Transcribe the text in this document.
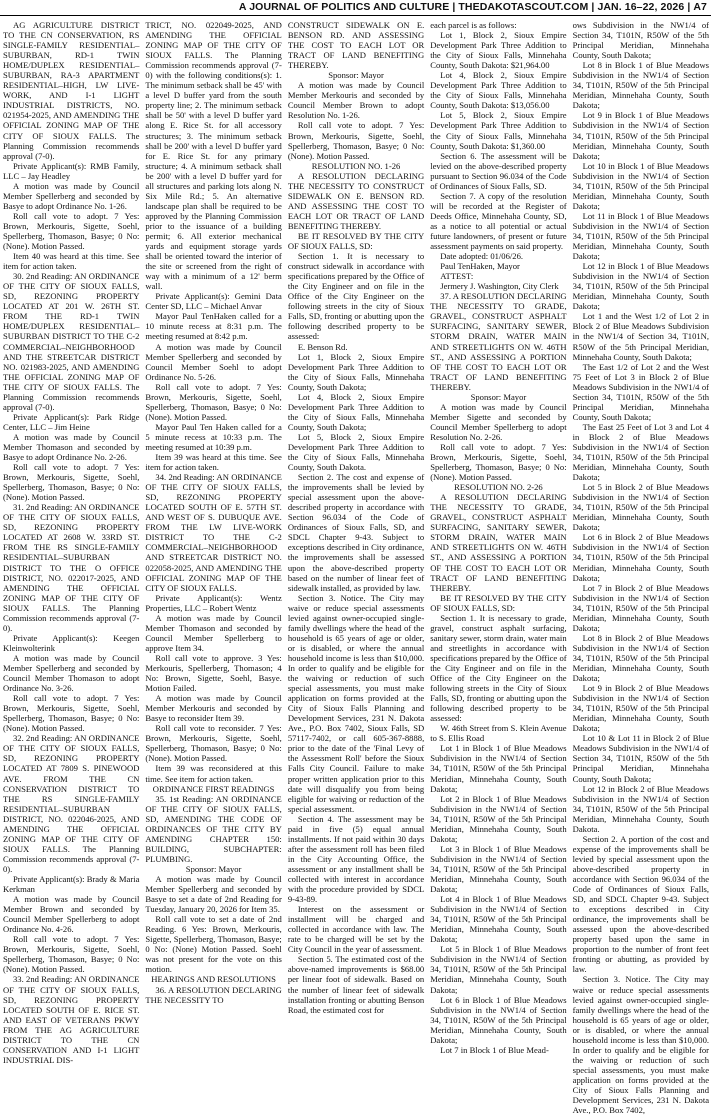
A JOURNAL OF POLITICS AND CULTURE | THEDAKOTASCOUT.COM | JAN. 16–22, 2026 | A7

AG AGRICULTURE DISTRICT TO THE CN CONSERVATION, RS SINGLE-FAMILY RESIDENTIAL–SUBURBAN, RD-1 TWIN HOME/DUPLEX RESIDENTIAL–SUBURBAN, RA-3 APARTMENT RESIDENTIAL–HIGH, LW LIVE-WORK, AND I-1 LIGHT INDUSTRIAL DISTRICTS, NO. 021954-2025, AND AMENDING THE OFFICIAL ZONING MAP OF THE CITY OF SIOUX FALLS. The Planning Commission recommends approval (7-0).

Private Applicant(s): RMB Family, LLC – Jay Headley

A motion was made by Council Member Spellerberg and seconded by Basye to adopt Ordinance No. 1-26.

Roll call vote to adopt. 7 Yes: Brown, Merkouris, Sigette, Soehl, Spellerberg, Thomason, Basye; 0 No: (None). Motion Passed.

Item 40 was heard at this time. See item for action taken.

30. 2nd Reading: AN ORDINANCE OF THE CITY OF SIOUX FALLS, SD, REZONING PROPERTY LOCATED AT 201 W. 26TH ST. FROM THE RD-1 TWIN HOME/DUPLEX RESIDENTIAL–SUBURBAN DISTRICT TO THE C-2 COMMERCIAL–NEIGHBORHOOD AND THE STREETCAR DISTRICT NO. 021983-2025, AND AMENDING THE OFFICIAL ZONING MAP OF THE CITY OF SIOUX FALLS. The Planning Commission recommends approval (7-0).

Private Applicant(s): Park Ridge Center, LLC – Jim Heine

A motion was made by Council Member Thomason and seconded by Basye to adopt Ordinance No. 2-26.

Roll call vote to adopt. 7 Yes: Brown, Merkouris, Sigette, Soehl, Spellerberg, Thomason, Basye; 0 No: (None). Motion Passed.

31. 2nd Reading: AN ORDINANCE OF THE CITY OF SIOUX FALLS, SD, REZONING PROPERTY LOCATED AT 2608 W. 33RD ST. FROM THE RS SINGLE-FAMILY RESIDENTIAL–SUBURBAN DISTRICT TO THE O OFFICE DISTRICT, NO. 022017-2025, AND AMENDING THE OFFICIAL ZONING MAP OF THE CITY OF SIOUX FALLS. The Planning Commission recommends approval (7-0).

Private Applicant(s): Keegen Kleinwolterink

A motion was made by Council Member Spellerberg and seconded by Council Member Thomason to adopt Ordinance No. 3-26.

Roll call vote to adopt. 7 Yes: Brown, Merkouris, Sigette, Soehl, Spellerberg, Thomason, Basye; 0 No: (None). Motion Passed.

32. 2nd Reading: AN ORDINANCE OF THE CITY OF SIOUX FALLS, SD, REZONING PROPERTY LOCATED AT 7809 S. PINEWOOD AVE. FROM THE CN CONSERVATION DISTRICT TO THE RS SINGLE-FAMILY RESIDENTIAL–SUBURBAN DISTRICT, NO. 022046-2025, AND AMENDING THE OFFICIAL ZONING MAP OF THE CITY OF SIOUX FALLS. The Planning Commission recommends approval (7-0).

Private Applicant(s): Brady & Maria Kerkman

A motion was made by Council Member Brown and seconded by Council Member Spellerberg to adopt Ordinance No. 4-26.

Roll call vote to adopt. 7 Yes: Brown, Merkouris, Sigette, Soehl, Spellerberg, Thomason, Basye; 0 No: (None). Motion Passed.

33. 2nd Reading: AN ORDINANCE OF THE CITY OF SIOUX FALLS, SD, REZONING PROPERTY LOCATED SOUTH OF E. RICE ST. AND EAST OF VETERANS PKWY FROM THE AG AGRICULTURE DISTRICT TO THE CN CONSERVATION AND I-1 LIGHT INDUSTRIAL DIS-

TRICT, NO. 022049-2025, AND AMENDING THE OFFICIAL ZONING MAP OF THE CITY OF SIOUX FALLS. The Planning Commission recommends approval (7-0) with the following conditions(s): 1. The minimum setback shall be 45' with a level D buffer yard from the south property line; 2. The minimum setback shall be 50' with a level D buffer yard along E. Rice St. for all accessory structures; 3. The minimum setback shall be 200' with a level D buffer yard for E. Rice St. for any primary structure; 4. A minimum setback shall be 200' with a level D buffer yard for all structures and parking lots along N. Six Mile Rd.; 5. An alternative landscape plan shall be required to be approved by the Planning Commission prior to the issuance of a building permit; 6. All exterior mechanical yards and equipment storage yards shall be oriented toward the interior of the site or screened from the right of way with a minimum of a 12' berm wall.

Private Applicant(s): Gemini Data Center SD, LLC – Michael Anvar

Mayor Paul TenHaken called for a 10 minute recess at 8:31 p.m. The meeting resumed at 8:42 p.m.

A motion was made by Council Member Spellerberg and seconded by Council Member Soehl to adopt Ordinance No. 5-26.

Roll call vote to adopt. 7 Yes: Brown, Merkouris, Sigette, Soehl, Spellerberg, Thomason, Basye; 0 No: (None). Motion Passed.

Mayor Paul Ten Haken called for a 5 minute recess at 10:33 p.m. The meeting resumed at 10:39 p.m.

Item 39 was heard at this time. See item for action taken.

34. 2nd Reading: AN ORDINANCE OF THE CITY OF SIOUX FALLS, SD, REZONING PROPERTY LOCATED SOUTH OF E. 57TH ST. AND WEST OF S. DUBUQUE AVE. FROM THE LW LIVE-WORK DISTRICT TO THE C-2 COMMERCIAL–NEIGHBORHOOD AND STREETCAR DISTRICT NO. 022058-2025, AND AMENDING THE OFFICIAL ZONING MAP OF THE CITY OF SIOUX FALLS.

Private Applicant(s): Wentz Properties, LLC – Robert Wentz

A motion was made by Council Member Thomason and seconded by Council Member Spellerberg to approve Item 34.

Roll call vote to approve. 3 Yes: Merkouris, Spellerberg, Thomason; 4 No: Brown, Sigette, Soehl, Basye. Motion Failed.

A motion was made by Council Member Merkouris and seconded by Basye to reconsider Item 39.

Roll call vote to reconsider. 7 Yes: Brown, Merkouris, Sigette, Soehl, Spellerberg, Thomason, Basye; 0 No: (None). Motion Passed.

Item 39 was reconsidered at this time. See item for action taken.

ORDINANCE FIRST READINGS

35. 1st Reading: AN ORDINANCE OF THE CITY OF SIOUX FALLS, SD, AMENDING THE CODE OF ORDINANCES OF THE CITY BY AMENDING CHAPTER 150: BUILDING, SUBCHAPTER: PLUMBING.

Sponsor: Mayor

A motion was made by Council Member Spellerberg and seconded by Basye to set a date of 2nd Reading for Tuesday, January 20, 2026 for Item 35.

Roll call vote to set a date of 2nd Reading. 6 Yes: Brown, Merkouris, Sigette, Spellerberg, Thomason, Basye; 0 No: (None) Motion Passed. Soehl was not present for the vote on this motion.

HEARINGS AND RESOLUTIONS

36. A RESOLUTION DECLARING THE NECESSITY TO

CONSTRUCT SIDEWALK ON E. BENSON RD. AND ASSESSING THE COST TO EACH LOT OR TRACT OF LAND BENEFITING THEREBY.

Sponsor: Mayor

A motion was made by Council Member Merkouris and seconded by Council Member Brown to adopt Resolution No. 1-26.

Roll call vote to adopt. 7 Yes: Brown, Merkouris, Sigette, Soehl, Spellerberg, Thomason, Basye; 0 No: (None). Motion Passed.

RESOLUTION NO. 1-26

A RESOLUTION DECLARING THE NECESSITY TO CONSTRUCT SIDEWALK ON E. BENSON RD. AND ASSESSING THE COST TO EACH LOT OR TRACT OF LAND BENEFITING THEREBY.

BE IT RESOLVED BY THE CITY OF SIOUX FALLS, SD:

Section 1. It is necessary to construct sidewalk in accordance with specifications prepared by the Office of the City Engineer and on file in the Office of the City Engineer on the following streets in the city of Sioux Falls, SD, fronting or abutting upon the following described property to be assessed:

E. Benson Rd.

Lot 1, Block 2, Sioux Empire Development Park Three Addition to the City of Sioux Falls, Minnehaha County, South Dakota;

Lot 4, Block 2, Sioux Empire Development Park Three Addition to the City of Sioux Falls, Minnehaha County, South Dakota;

Lot 5, Block 2, Sioux Empire Development Park Three Addition to the City of Sioux Falls, Minnehaha County, South Dakota.

Section 2. The cost and expense of the improvements shall be levied by special assessment upon the above-described property in accordance with Section 96.034 of the Code of Ordinances of Sioux Falls, SD, and SDCL Chapter 9-43. Subject to exceptions described in City ordinance, the improvements shall be assessed upon the above-described property based on the number of linear feet of sidewalk installed, as provided by law.

Section 3. Notice. The City may waive or reduce special assessments levied against owner-occupied single-family dwellings where the head of the household is 65 years of age or older, or is disabled, or where the annual household income is less than $10,000. In order to qualify and be eligible for the waiving or reduction of such special assessments, you must make application on forms provided at the City of Sioux Falls Planning and Development Services, 231 N. Dakota Ave., P.O. Box 7402, Sioux Falls, SD 57117-7402, or call 605-367-8888, prior to the date of the 'Final Levy of the Assessment Roll' before the Sioux Falls City Council. Failure to make proper written application prior to this date will disqualify you from being eligible for waiving or reduction of the special assessment.

Section 4. The assessment may be paid in five (5) equal annual installments. If not paid within 30 days after the assessment roll has been filed in the City Accounting Office, the assessment or any installment shall be collected with interest in accordance with the procedure provided by SDCL 9-43-89.

Interest on the assessment or installment will be charged and collected in accordance with law. The rate to be charged will be set by the City Council in the year of assessment.

Section 5. The estimated cost of the above-named improvements is $68.00 per linear foot of sidewalk. Based on the number of linear feet of sidewalk installation fronting or abutting Benson Road, the estimated cost for

each parcel is as follows:

Lot 1, Block 2, Sioux Empire Development Park Three Addition to the City of Sioux Falls, Minnehaha County, South Dakota: $21,964.00

Lot 4, Block 2, Sioux Empire Development Park Three Addition to the City of Sioux Falls, Minnehaha County, South Dakota: $13,056.00

Lot 5, Block 2, Sioux Empire Development Park Three Addition to the City of Sioux Falls, Minnehaha County, South Dakota: $1,360.00

Section 6. The assessment will be levied on the above-described property pursuant to Section 96.034 of the Code of Ordinances of Sioux Falls, SD.

Section 7. A copy of the resolution will be recorded at the Register of Deeds Office, Minnehaha County, SD, as a notice to all potential or actual future landowners, of present or future assessment payments on said property.

Date adopted: 01/06/26.

Paul TenHaken, Mayor

ATTEST:

Jermery J. Washington, City Clerk

37. A RESOLUTION DECLARING THE NECESSITY TO GRADE, GRAVEL, CONSTRUCT ASPHALT SURFACING, SANITARY SEWER, STORM DRAIN, WATER MAIN AND STREETLIGHTS ON W. 46TH ST., AND ASSESSING A PORTION OF THE COST TO EACH LOT OR TRACT OF LAND BENEFITING THEREBY.

Sponsor: Mayor

A motion was made by Council Member Sigette and seconded by Council Member Spellerberg to adopt Resolution No. 2-26.

Roll call vote to adopt. 7 Yes: Brown, Merkouris, Sigette, Soehl, Spellerberg, Thomason, Basye; 0 No: (None). Motion Passed.

RESOLUTION NO. 2-26

A RESOLUTION DECLARING THE NECESSITY TO GRADE, GRAVEL, CONSTRUCT ASPHALT SURFACING, SANITARY SEWER, STORM DRAIN, WATER MAIN AND STREETLIGHTS ON W. 46TH ST., AND ASSESSING A PORTION OF THE COST TO EACH LOT OR TRACT OF LAND BENEFITING THEREBY.

BE IT RESOLVED BY THE CITY OF SIOUX FALLS, SD:

Section 1. It is necessary to grade, gravel, construct asphalt surfacing, sanitary sewer, storm drain, water main and streetlights in accordance with specifications prepared by the Office of the City Engineer and on file in the Office of the City Engineer on the following streets in the City of Sioux Falls, SD, fronting or abutting upon the following described property to be assessed:

W. 46th Street from S. Klein Avenue to S. Ellis Road

Lot 1 in Block 1 of Blue Meadows Subdivision in the NW1/4 of Section 34, T101N, R50W of the 5th Principal Meridian, Minnehaha County, South Dakota;

Lot 2 in Block 1 of Blue Meadows Subdivision in the NW1/4 of Section 34, T101N, R50W of the 5th Principal Meridian, Minnehaha County, South Dakota;

Lot 3 in Block 1 of Blue Meadows Subdivision in the NW1/4 of Section 34, T101N, R50W of the 5th Principal Meridian, Minnehaha County, South Dakota;

Lot 4 in Block 1 of Blue Meadows Subdivision in the NW1/4 of Section 34, T101N, R50W of the 5th Principal Meridian, Minnehaha County, South Dakota;

Lot 5 in Block 1 of Blue Meadows Subdivision in the NW1/4 of Section 34, T101N, R50W of the 5th Principal Meridian, Minnehaha County, South Dakota;

Lot 6 in Block 1 of Blue Meadows Subdivision in the NW1/4 of Section 34, T101N, R50W of the 5th Principal Meridian, Minnehaha County, South Dakota;

Lot 7 in Block 1 of Blue Mead-

ows Subdivision in the NW1/4 of Section 34, T101N, R50W of the 5th Principal Meridian, Minnehaha County, South Dakota;

Lot 8 in Block 1 of Blue Meadows Subdivision in the NW1/4 of Section 34, T101N, R50W of the 5th Principal Meridian, Minnehaha County, South Dakota;

Lot 9 in Block 1 of Blue Meadows Subdivision in the NW1/4 of Section 34, T101N, R50W of the 5th Principal Meridian, Minnehaha County, South Dakota;

Lot 10 in Block 1 of Blue Meadows Subdivision in the NW1/4 of Section 34, T101N, R50W of the 5th Principal Meridian, Minnehaha County, South Dakota;

Lot 11 in Block 1 of Blue Meadows Subdivision in the NW1/4 of Section 34, T101N, R50W of the 5th Principal Meridian, Minnehaha County, South Dakota;

Lot 12 in Block 1 of Blue Meadows Subdivision in the NW1/4 of Section 34, T101N, R50W of the 5th Principal Meridian, Minnehaha County, South Dakota;

Lot 1 and the West 1/2 of Lot 2 in Block 2 of Blue Meadows Subdivision in the NW1/4 of Section 34, T101N, R50W of the 5th Principal Meridian, Minnehaha County, South Dakota;

The East 1/2 of Lot 2 and the West 75 Feet of Lot 3 in Block 2 of Blue Meadows Subdivision in the NW1/4 of Section 34, T101N, R50W of the 5th Principal Meridian, Minnehaha County, South Dakota;

The East 25 Feet of Lot 3 and Lot 4 in Block 2 of Blue Meadows Subdivision in the NW1/4 of Section 34, T101N, R50W of the 5th Principal Meridian, Minnehaha County, South Dakota;

Lot 5 in Block 2 of Blue Meadows Subdivision in the NW1/4 of Section 34, T101N, R50W of the 5th Principal Meridian, Minnehaha County, South Dakota;

Lot 6 in Block 2 of Blue Meadows Subdivision in the NW1/4 of Section 34, T101N, R50W of the 5th Principal Meridian, Minnehaha County, South Dakota;

Lot 7 in Block 2 of Blue Meadows Subdivision in the NW1/4 of Section 34, T101N, R50W of the 5th Principal Meridian, Minnehaha County, South Dakota;

Lot 8 in Block 2 of Blue Meadows Subdivision in the NW1/4 of Section 34, T101N, R50W of the 5th Principal Meridian, Minnehaha County, South Dakota;

Lot 9 in Block 2 of Blue Meadows Subdivision in the NW1/4 of Section 34, T101N, R50W of the 5th Principal Meridian, Minnehaha County, South Dakota;

Lot 10 & Lot 11 in Block 2 of Blue Meadows Subdivision in the NW1/4 of Section 34, T101N, R50W of the 5th Principal Meridian, Minnehaha County, South Dakota;

Lot 12 in Block 2 of Blue Meadows Subdivision in the NW1/4 of Section 34, T101N, R50W of the 5th Principal Meridian, Minnehaha County, South Dakota.

Section 2. A portion of the cost and expense of the improvements shall be levied by special assessment upon the above-described property in accordance with Section 96.034 of the Code of Ordinances of Sioux Falls, SD, and SDCL Chapter 9-43. Subject to exceptions described in City ordinance, the improvements shall be assessed upon the above-described property based upon the same in proportion to the number of front feet fronting or abutting, as provided by law.

Section 3. Notice. The City may waive or reduce special assessments levied against owner-occupied single-family dwellings where the head of the household is 65 years of age or older, or is disabled, or where the annual household income is less than $10,000. In order to qualify and be eligible for the waiving or reduction of such special assessments, you must make application on forms provided at the City of Sioux Falls Planning and Development Services, 231 N. Dakota Ave., P.O. Box 7402,
